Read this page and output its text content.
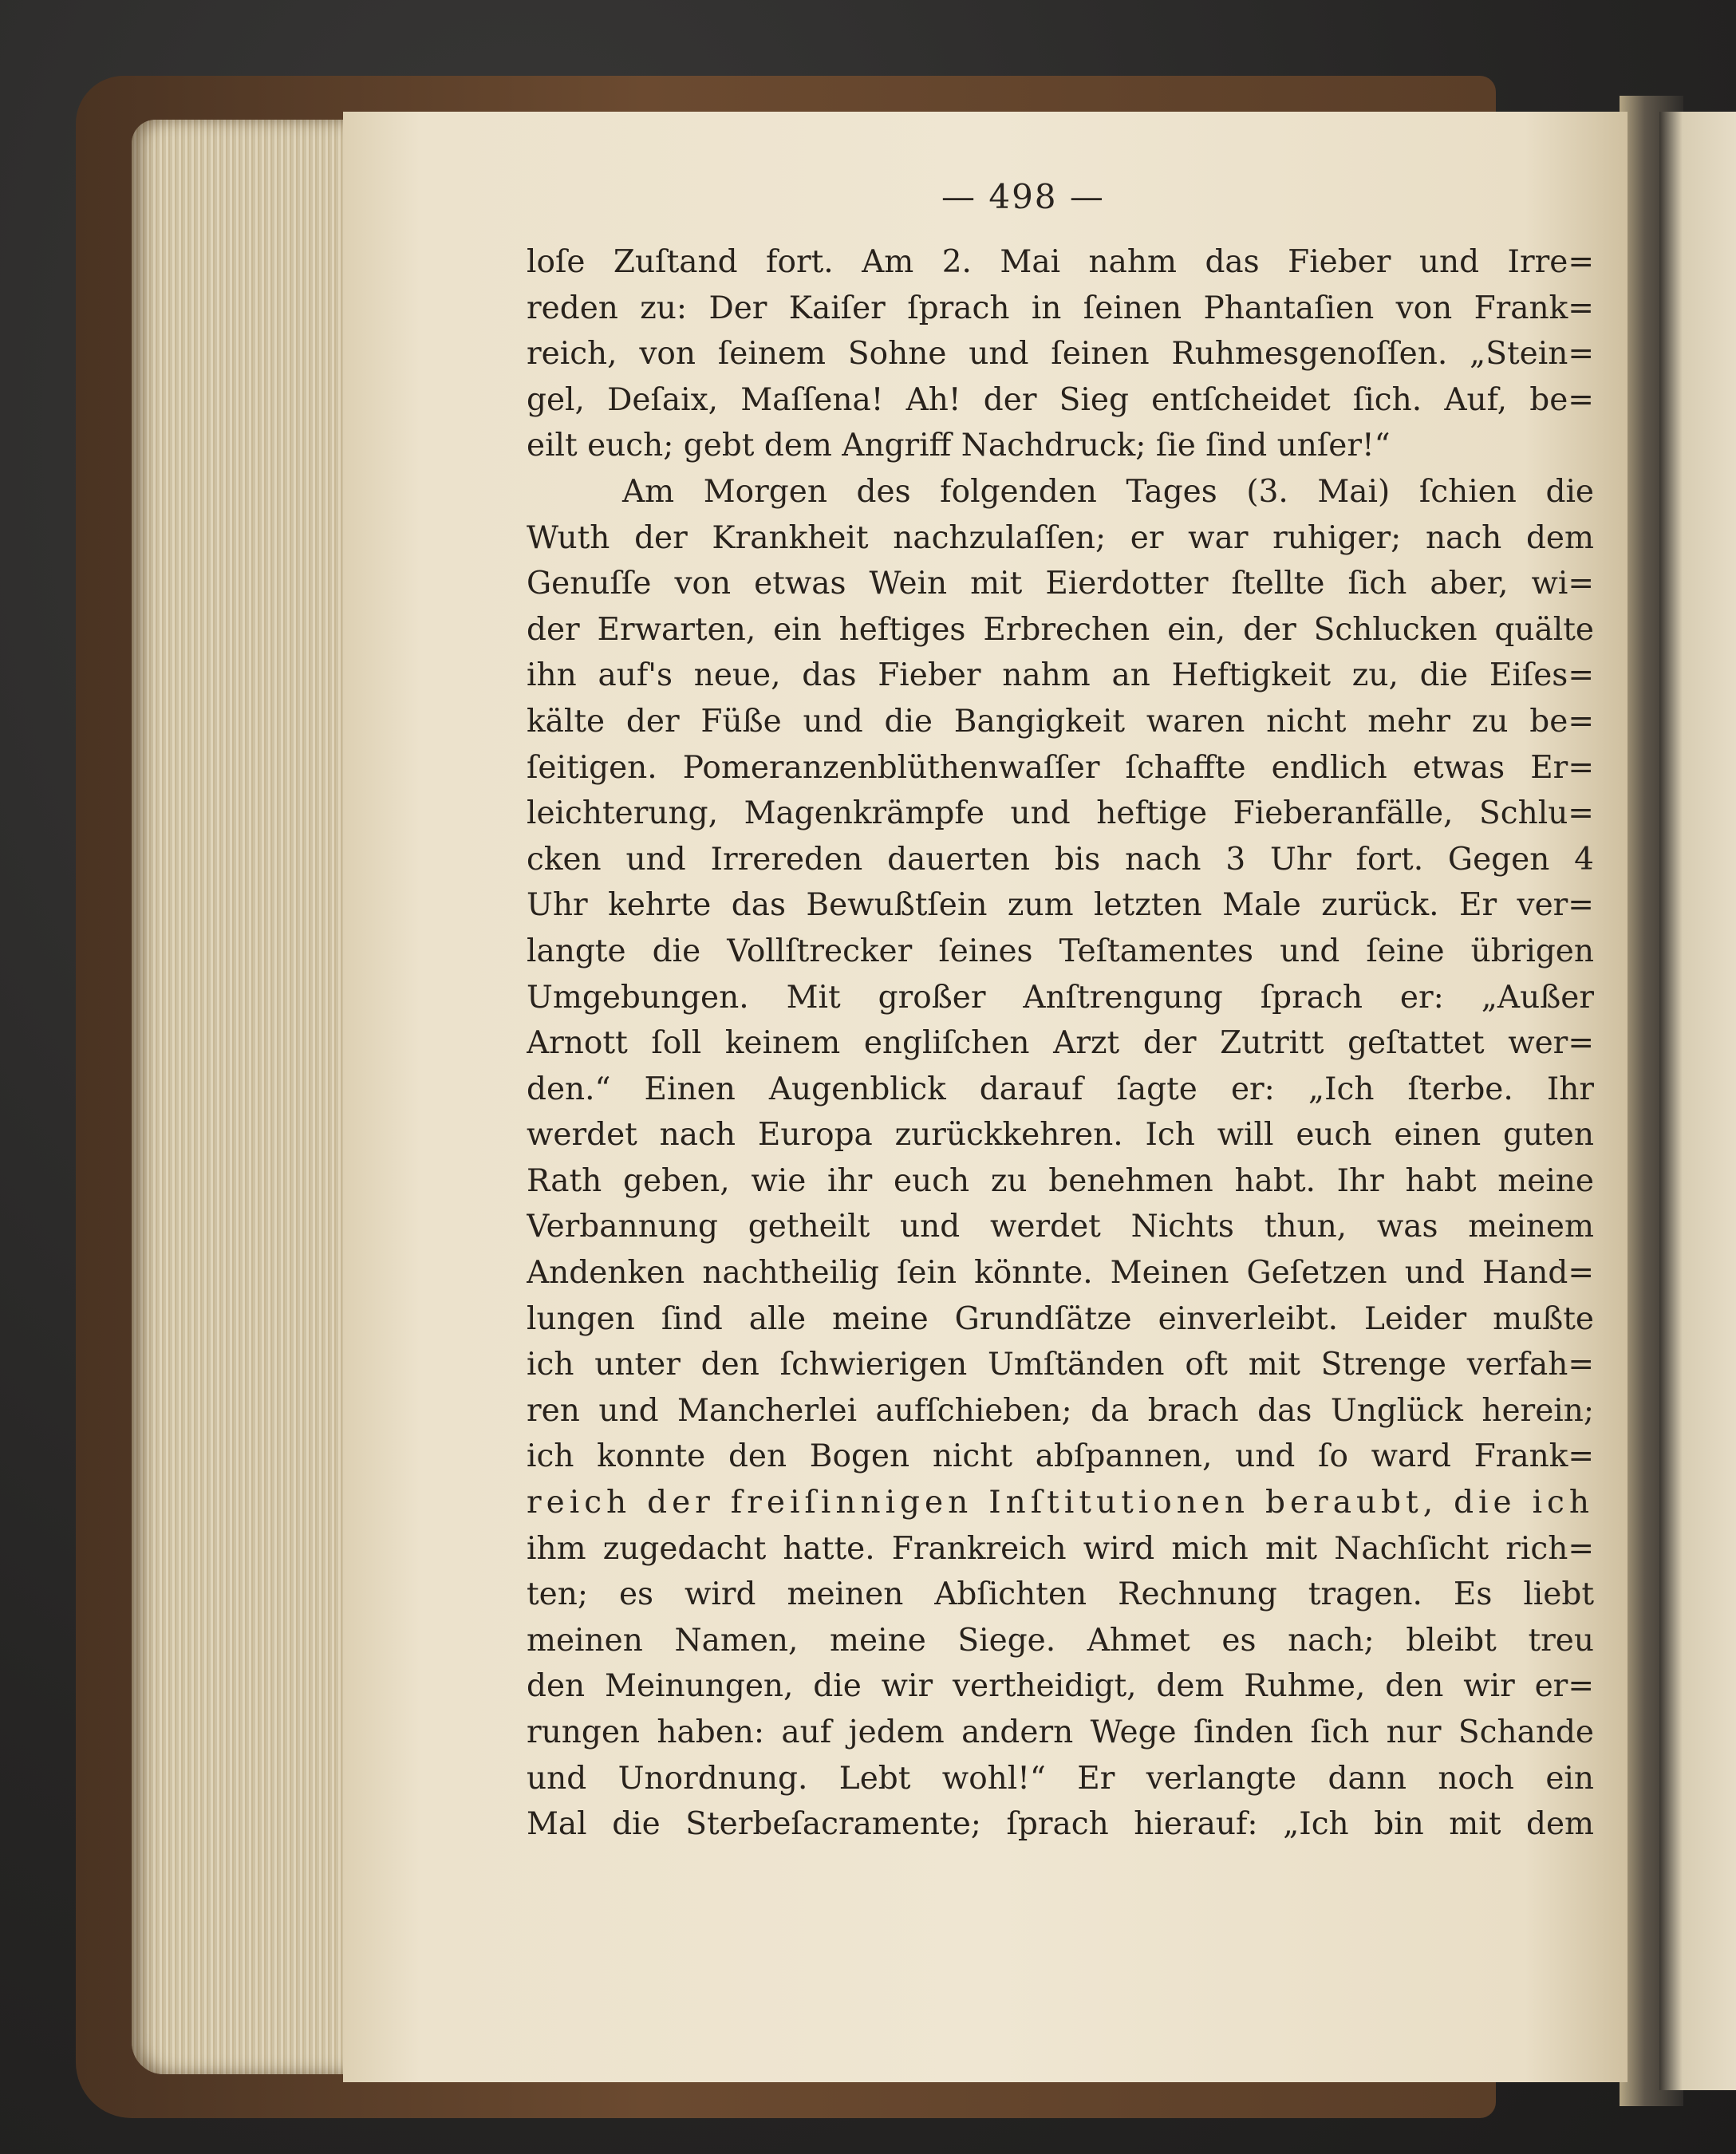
— 498 —
loſe Zuſtand fort. Am 2. Mai nahm das Fieber und Irre=
reden zu: Der Kaiſer ſprach in ſeinen Phantaſien von Frank=
reich, von ſeinem Sohne und ſeinen Ruhmesgenoſſen. „Stein=
gel, Deſaix, Maſſena! Ah! der Sieg entſcheidet ſich. Auf, be=
eilt euch; gebt dem Angriff Nachdruck; ſie ſind unſer!“
Am Morgen des folgenden Tages (3. Mai) ſchien die
Wuth der Krankheit nachzulaſſen; er war ruhiger; nach dem
Genuſſe von etwas Wein mit Eierdotter ſtellte ſich aber, wi=
der Erwarten, ein heftiges Erbrechen ein, der Schlucken quälte
ihn auf's neue, das Fieber nahm an Heftigkeit zu, die Eiſes=
kälte der Füße und die Bangigkeit waren nicht mehr zu be=
ſeitigen. Pomeranzenblüthenwaſſer ſchaffte endlich etwas Er=
leichterung, Magenkrämpfe und heftige Fieberanfälle, Schlu=
cken und Irrereden dauerten bis nach 3 Uhr fort. Gegen 4
Uhr kehrte das Bewußtſein zum letzten Male zurück. Er ver=
langte die Vollſtrecker ſeines Teſtamentes und ſeine übrigen
Umgebungen. Mit großer Anſtrengung ſprach er: „Außer
Arnott ſoll keinem engliſchen Arzt der Zutritt geſtattet wer=
den.“ Einen Augenblick darauf ſagte er: „Ich ſterbe. Ihr
werdet nach Europa zurückkehren. Ich will euch einen guten
Rath geben, wie ihr euch zu benehmen habt. Ihr habt meine
Verbannung getheilt und werdet Nichts thun, was meinem
Andenken nachtheilig ſein könnte. Meinen Geſetzen und Hand=
lungen ſind alle meine Grundſätze einverleibt. Leider mußte
ich unter den ſchwierigen Umſtänden oft mit Strenge verfah=
ren und Mancherlei aufſchieben; da brach das Unglück herein;
ich konnte den Bogen nicht abſpannen, und ſo ward Frank=
reich der freiſinnigen Inſtitutionen beraubt, die ich
ihm zugedacht hatte. Frankreich wird mich mit Nachſicht rich=
ten; es wird meinen Abſichten Rechnung tragen. Es liebt
meinen Namen, meine Siege. Ahmet es nach; bleibt treu
den Meinungen, die wir vertheidigt, dem Ruhme, den wir er=
rungen haben: auf jedem andern Wege ſinden ſich nur Schande
und Unordnung. Lebt wohl!“ Er verlangte dann noch ein
Mal die Sterbeſacramente; ſprach hierauf: „Ich bin mit dem
